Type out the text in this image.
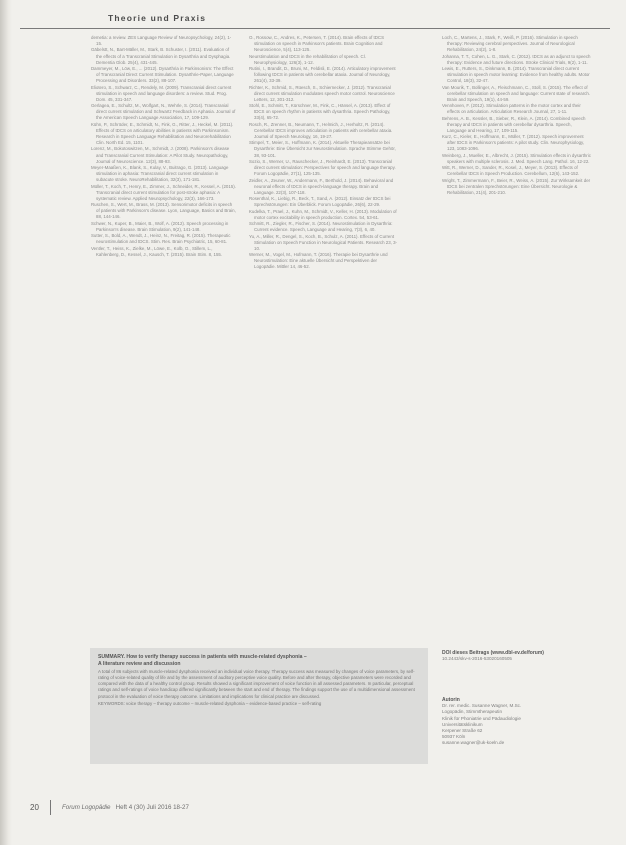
Theorie und Praxis

demetia: a review. ZES Language Review of Neuropsychology, 24(2), 1-15.

Gäbelstt, N., Bart-Mäller, M., Stark, B. Schuster, I. (2011). Evaluation of the effects of a Transcranial Stimulation in Dysarthria and Dysphagia. Dementia Glob. 25(4), 431-445.

Dammeyer, M., Löw, E., ... (2012). Dysarthria in Parkinsonism: The Effect of Transcranial Direct Current Stimulation. Dysarthrie-Paper, Language Processing and Disorders. 33(2), 88-107.

Eliotero, S., Schwarz, C., Rendely, M. (2009). Transcranial direct current stimulation in speech and language disorders: a review. Stud. Prog. Dom. 45, 331-347.

Gerlagea, E., Schultz, M., Wolfgart, N., Wehrle, S. (2014). Transcranial direct current stimulation and Schwartz Feedback in Aphasia. Journal of the American Speech Language Association, 17, 109-129.

Kühn, P., Schröder, E., Schmidt, N., Fink, G., Ritter, J., Heckel, M. (2011). Effects of tDCS on articulatory abilities in patients with Parkinsonism. Research in Speech Language Rehabilitation and Neurorehabilitation Clin. North Ed. 15, 1101.

Lorenz, M., Bokotoswitzen, M., Schmidt, J. (2008). Parkinson's disease and Transcranial Current Stimulation: A Pilot Study. Neuropathology, Journal of Neuroscience. 12(3), 88-93.

Meyer-Maaßen, K., Blank, S., Kulay, V., Buitrago, G. (2013). Language stimulation in aphasia: Transcranial direct current stimulation in subacute stroke. NeuroRehabilitation, 32(3), 171-181.

Müller, T., Koch, T., Henry, E., Zimmer, J., Schneider, R., Kessel, A. (2015). Transcranial direct current stimulation for post-stroke aphasia: A systematic review. Applied Neuropsychology, 22(3), 166-173.

Ruschen, S., Wert, M., Brass, M. (2013). Sensorimotor deficits in speech of patients with Parkinson's disease. Lyon, Language, Basics and Brain, 88, 144-146.

Schwer, N., Kuper, B., Maier, B., Wolf, A. (2012). Speech processing in Parkinson's disease. Brain Stimulation, 9(2), 141-148.

Sutter, S., Bold, A., Wendt, J., Heinz, N., Freitag, R. (2015). Therapeutic neurostimulation and tDCS. Stim. Res. Brain Psychiatric, 15, 60-81.

Ventler, T., Heiss, K., Zielke, M., Löwe, E., Kolb, O., Stillem, L., Kahlenberg, D., Kessel, J., Kausch, T. (2015). Brain Stim. 8, 155.

O., Rossow, C., Andres, K., Petersen, T. (2014). Brain effects of tDCS stimulation on speech in Parkinson's patients. Brain Cognition and Neuroscience, 5(4), 113-125.

Neurstimulation and tDCS in the rehabilitation of speech. Cl. Neurophysiology, 126(3), 1-12.

Rutini, I., Brandit, D., Bruni, M., Feldisli, E. (2014). Articulatory improvement following tDCS in patients with cerebellar ataxia. Journal of Neurology, 261(4), 33-39.

Richter, K., Schmid, S., Rüesch, S., Schiernecker, J. (2012). Transcranial direct current stimulation modulates speech motor control. Neuroscience Letters, 12, 301-312.

Stohl, E., Schmitt, T., Kürschner, M., Fink, C., Hänsel, A. (2013). Effect of tDCS on speech rhythm in patients with dysarthria. Speech Pathology, 33(4), 65-72.

Rosch, R., Zrenner, B., Neumann, T., Helmich, J., Herholtz, R. (2014). Cerebellar tDCS improves articulation in patients with cerebellar ataxia. Journal of Speech Neurology, 16, 19-27.

Stimpel, T., Meier, S., Hoffmann, K. (2014). Aktuelle Therapieansätze bei Dysarthrie: Eine Übersicht zur Neurostimulation. Sprache Stimme Gehör, 38, 93-101.

Sozio, S., Werner, U., Rauschecker, J., Reinhardt, E. (2013). Transcranial direct current stimulation: Perspectives for speech and language therapy. Forum Logopädie, 27(1), 125-135.

Zeidler, A., Zeuner, W., Andermann, F., Berthold, J. (2014). Behavioral and neuronal effects of tDCS in speech-language therapy. Brain and Language. 22(3), 107-118.

Rosenthal, K., Liebig, R., Beck, T., Sand, A. (2012). Einsatz der tDCS bei Sprechstörungen: Ein Überblick. Forum Logopädie, 26(6), 22-29.

Kudelka, T., Prael, J., Kuhn, M., Schmidt, V., Keller, H. (2013). Modulation of motor cortex excitability in speech production. Cortex. 54, 53-61.

Schmitt, R., Ziegler, R., Fischer, S. (2014). Neurostimulation in Dysarthria: Current evidence. Speech, Language and Hearing, 7(3), 6, 40.

Yu, A., Miller, R., Dengel, S., Koch, B., Schulz, A. (2011). Effects of Current Stimulation on Speech Function in Neurological Patients. Research 23, 3-10.

Werner, M., Vogel, M., Hofmann, T. (2016). Therapie bei Dysarthrie und Neurostimulation: Eine aktuelle Übersicht und Perspektiven der Logopädie. Mittler 14, 46-52.

Loch, C., Martens, J., Stark, F., Weiß, P. (2016). Stimulation in speech therapy: Reviewing cerebral perspectives. Journal of Neurological Rehabilitation, 24(2), 1-8.

Johanna, T. T., Cohen, L. G., Stark, C. (2012). tDCS as an adjunct to speech therapy: Evidence and future directions. Stroke Clinical Trials, 9(2), 1-11.

Lewis, E., Rutters, S., Dinkmann, B. (2014). Transcranial direct current stimulation in speech motor learning: Evidence from healthy adults. Motor Control, 18(3), 32-47.

Van Mourik, T., Bollinger, A., Fleischmann, C., Stoll, S. (2015). The effect of cerebellar stimulation on speech and language: Current state of research. Brain and Speech, 19(1), 44-59.

Vennhoven, F. (2012). Stimulation patterns in the motor cortex and their effects on articulation. Articulation Research Journal, 27, 1-11.

Behrens, A. B., Kessler, B., Sieber, R., Klein, A. (2014). Combined speech therapy and tDCS in patients with cerebellar dysarthria. Speech, Language and Hearing, 17, 109-115.

Kurz, C., Kieler, E., Hoffmann, E., Müller, T. (2012). Speech improvement after tDCS in Parkinson's patients: A pilot study. Clin. Neurophysiology, 123, 1083-1096.

Weinberg, J., Mueller, E., Albrecht, J. (2015). Stimulation effects in dysarthric speakers with multiple sclerosis. J. Med. Speech Lang. Pathol. 16, 12-22.

Witt, R., Werner, D., Sander, R., Kosel, J., Meyer, S. (2013). Effects of Cerebellar tDCS in Speech Production. Cerebellum, 12(6), 143-152.

Wright, T., Zimmermann, F., Beier, R., Weiss, A. (2015). Zur Wirksamkeit der tDCS bei zentralen Sprechstörungen: Eine Übersicht. Neurologie & Rehabilitation, 21(4), 201-210.

SUMMARY. How to verify therapy success in patients with muscle-related dysphonia –
A literature review and discussion
A total of 86 subjects with muscle-related dysphonia received an individual voice therapy. Therapy success was measured by changes of voice parameters, by self-rating of voice-related quality of life and by the assessment of auditory perceptive voice quality. Before and after therapy, objective parameters were recorded and compared with the data of a healthy control group. Results showed a significant improvement of voice function in all assessed parameters. In particular, perceptual ratings and self-ratings of voice handicap differed significantly between the start and end of therapy. The findings support the use of a multidimensional assessment protocol in the evaluation of voice therapy outcome. Limitations and implications for clinical practice are discussed.
KEYWORDS: voice therapy – therapy outcome – muscle-related dysphonia – evidence-based practice – self-rating
DOI dieses Beitrags (www.dbl-ev.de/forum)
10.2443/skv-s-2016-53020160505
Autorin
Dr. rer. medic. Susanne Wagner, M.Sc.
Logopädin, Stimmtherapeutin
Klinik für Phoniatrie und Pädaudiologie
Universitätsklinikum
Kerpener Straße 62
50937 Köln
susanne.wagner@uk-koeln.de
20	Forum Logopädie Heft 4 (30) Juli 2016 18-27
